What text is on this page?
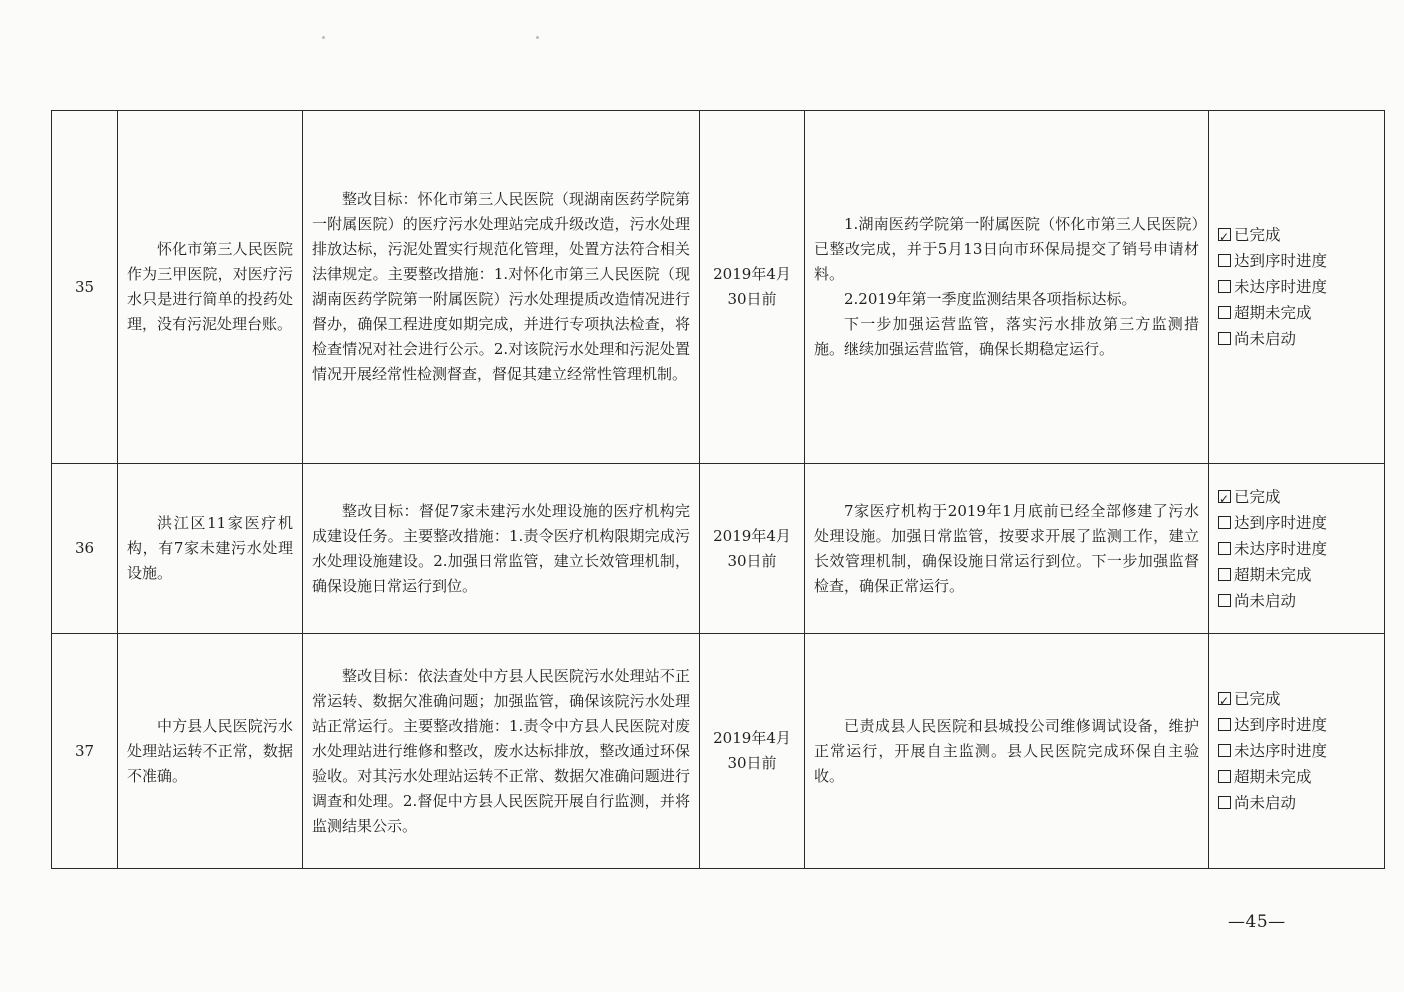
35	怀化市第三人民医院作为三甲医院，对医疗污水只是进行简单的投药处理，没有污泥处理台账。	整改目标：怀化市第三人民医院（现湖南医药学院第一附属医院）的医疗污水处理站完成升级改造，污水处理排放达标，污泥处置实行规范化管理，处置方法符合相关法律规定。主要整改措施：1.对怀化市第三人民医院（现湖南医药学院第一附属医院）污水处理提质改造情况进行督办，确保工程进度如期完成，并进行专项执法检查，将检查情况对社会进行公示。2.对该院污水处理和污泥处置情况开展经常性检测督查，督促其建立经常性管理机制。	2019年4月30日前	1.湖南医药学院第一附属医院（怀化市第三人民医院）已整改完成，并于5月13日向市环保局提交了销号申请材料。
2.2019年第一季度监测结果各项指标达标。
下一步加强运营监管，落实污水排放第三方监测措施。继续加强运营监管，确保长期稳定运行。

✓已完成
达到序时进度
未达序时进度
超期未完成
尚未启动

36	洪江区11家医疗机构，有7家未建污水处理设施。	整改目标：督促7家未建污水处理设施的医疗机构完成建设任务。主要整改措施：1.责令医疗机构限期完成污水处理设施建设。2.加强日常监管，建立长效管理机制，确保设施日常运行到位。	2019年4月30日前	7家医疗机构于2019年1月底前已经全部修建了污水处理设施。加强日常监管，按要求开展了监测工作，建立长效管理机制，确保设施日常运行到位。下一步加强监督检查，确保正常运行。

✓已完成
达到序时进度
未达序时进度
超期未完成
尚未启动

37	中方县人民医院污水处理站运转不正常，数据不准确。	整改目标：依法查处中方县人民医院污水处理站不正常运转、数据欠准确问题；加强监管，确保该院污水处理站正常运行。主要整改措施：1.责令中方县人民医院对废水处理站进行维修和整改，废水达标排放，整改通过环保验收。对其污水处理站运转不正常、数据欠准确问题进行调查和处理。2.督促中方县人民医院开展自行监测，并将监测结果公示。	2019年4月30日前	已责成县人民医院和县城投公司维修调试设备，维护正常运行，开展自主监测。县人民医院完成环保自主验收。

✓已完成
达到序时进度
未达序时进度
超期未完成
尚未启动
—45—
